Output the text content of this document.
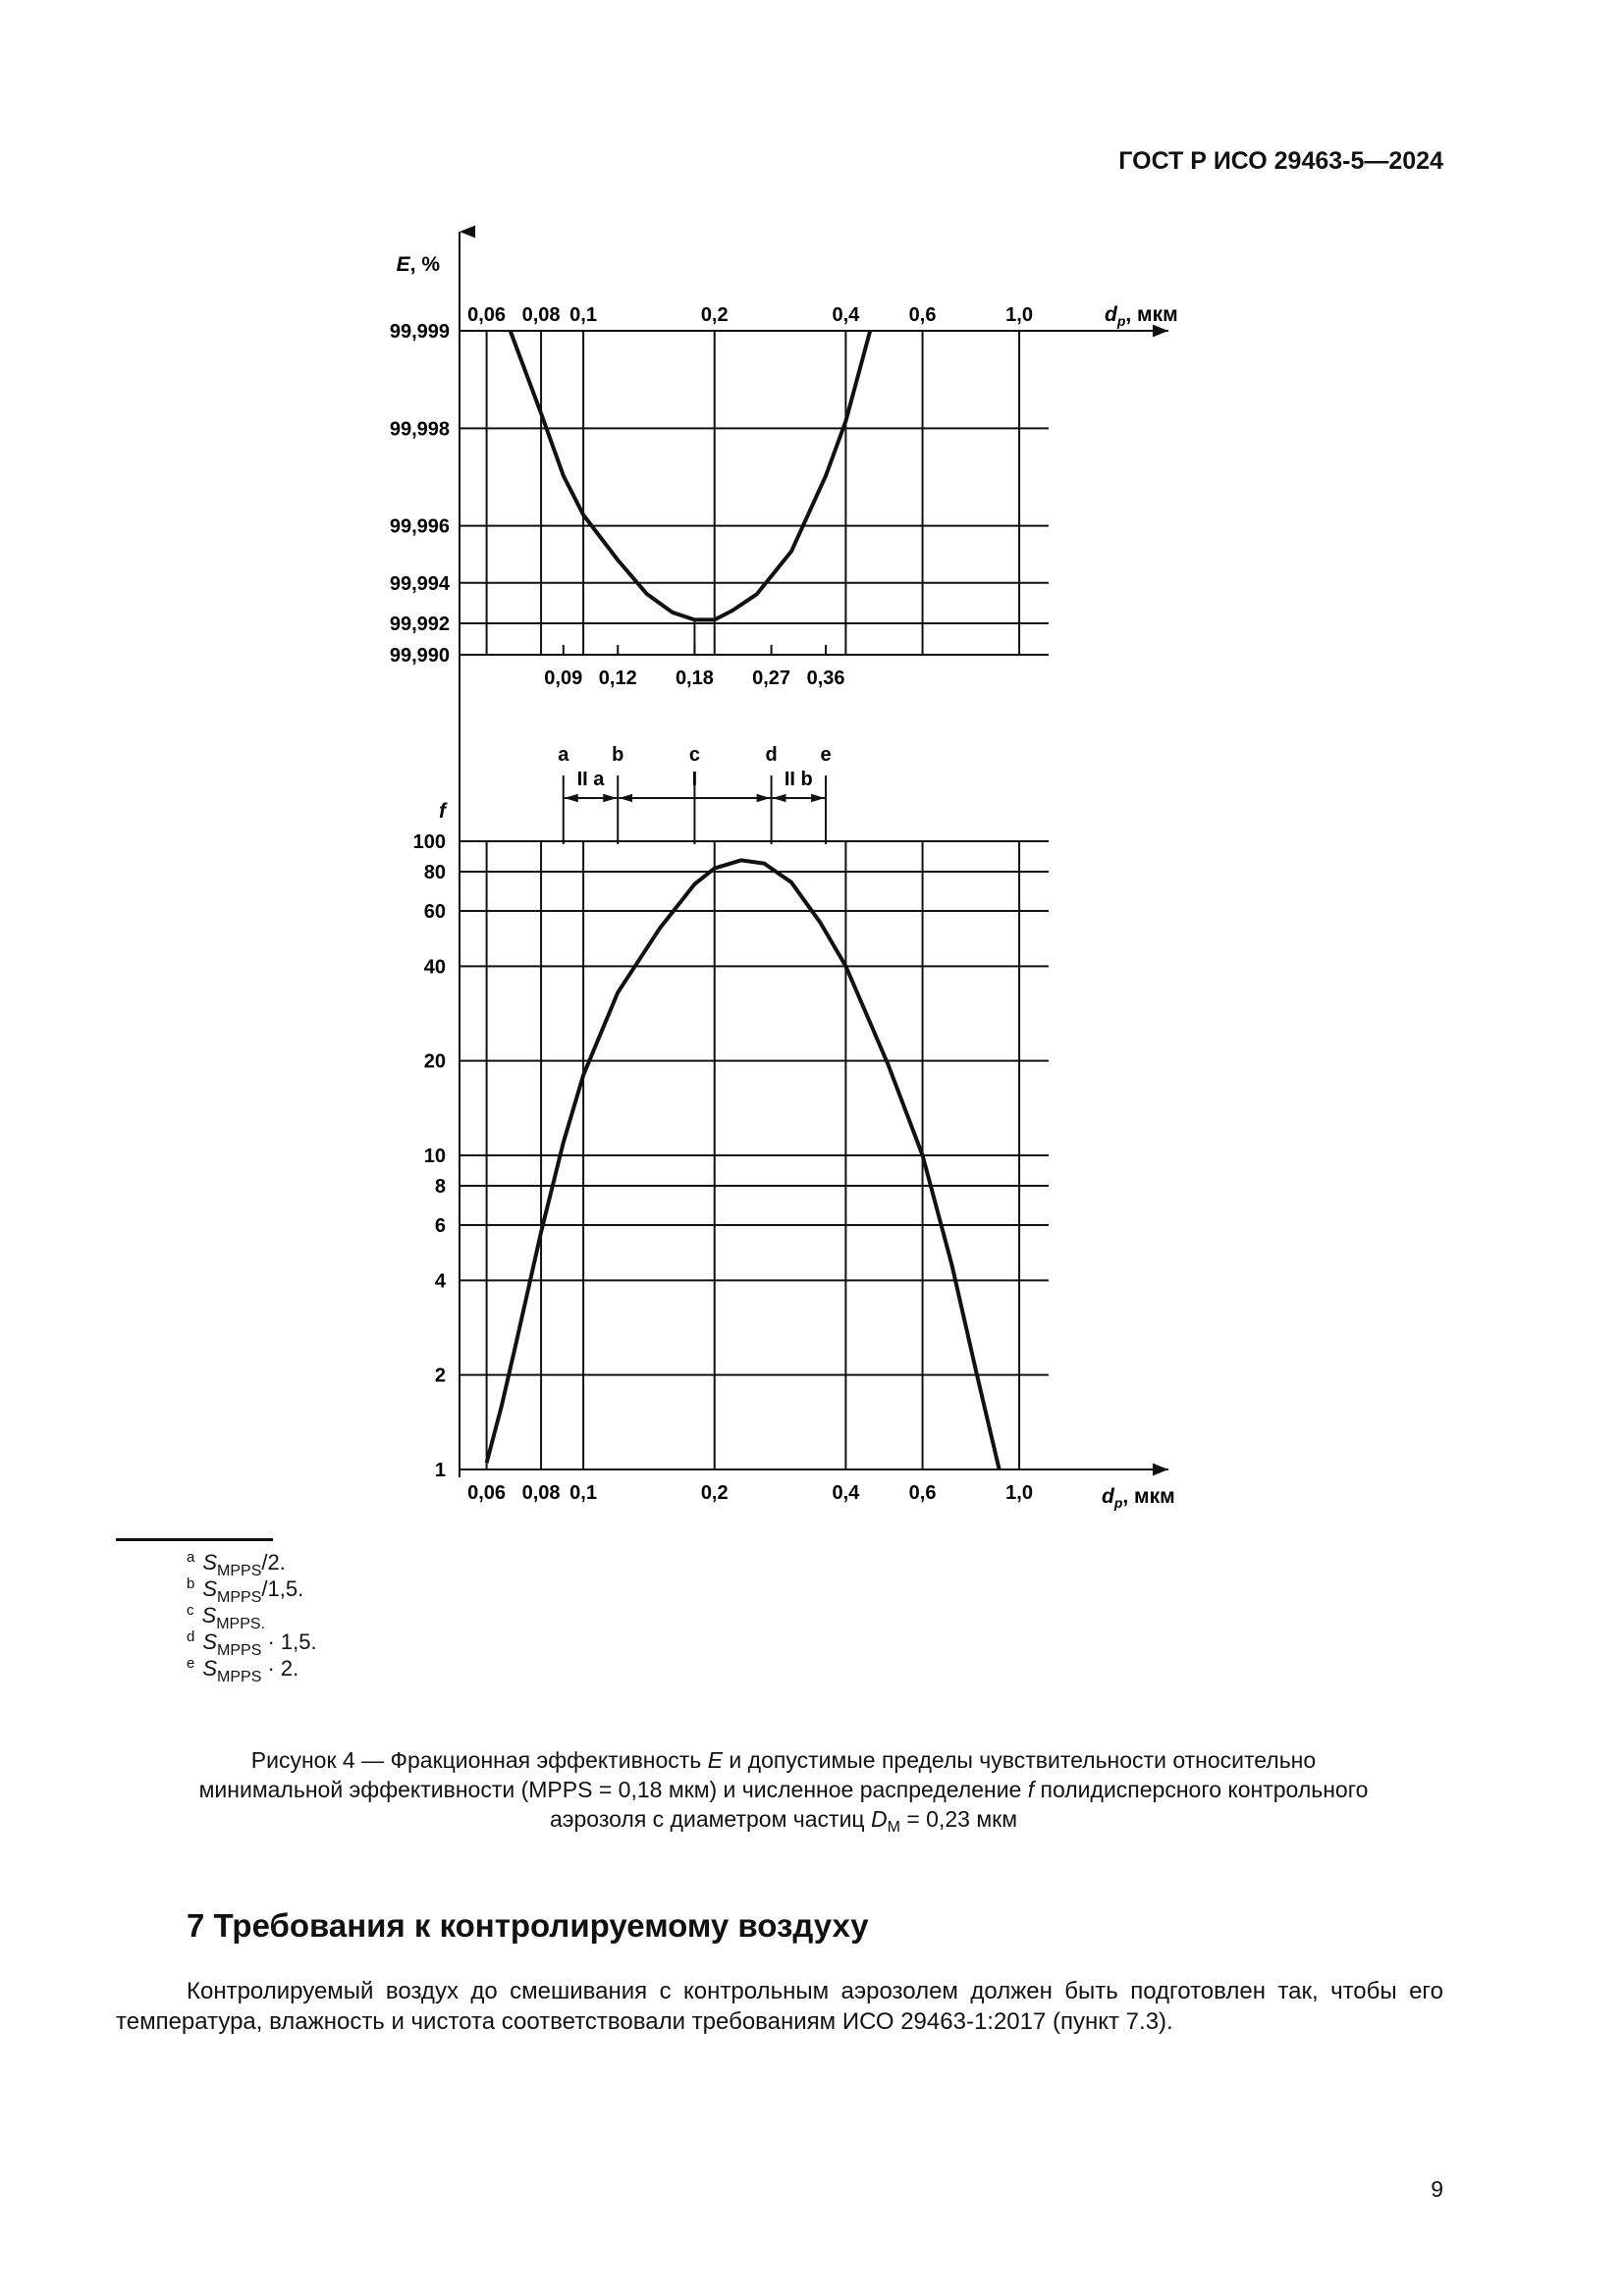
ГОСТ Р ИСО 29463-5—2024
0,06 0,08 0,1	0,2	0,4	0,6	1,0
99,999
99,998
99,996
99,994
99,992
99,990
0,09 0,12 0,18 0,27 0,36
E, %
$d_p$, мкм
a b	c	d e
II a	I	II b
100
80
60
40
20
10
8
6
4
2
1
0,06 0,08 0,1	0,2	0,4	0,6	1,0
f
$d_p$, мкм
$^a$ $S_{MPPS}/2$.
$^b$ $S_{MPPS}/1,5$.
$^c$ $S_{MPPS.}$
$^d$ $S_{MPPS} \cdot 1,5$.
$^e$ $S_{MPPS} \cdot 2$.

Рисунок 4 — Фракционная эффективность E и допустимые пределы чувствительности относительно

минимальной эффективности (MPPS = 0,18 мкм) и численное распределение f полидисперсного контрольного

аэрозоля с диаметром частиц $D_M = 0,23$ мкм

7 Требования к контролируемому воздуху
Контролируемый воздух до смешивания с контрольным аэрозолем должен быть подготовлен так, чтобы его температура, влажность и чистота соответствовали требованиям ИСО 29463-1:2017 (пункт 7.3).
9
